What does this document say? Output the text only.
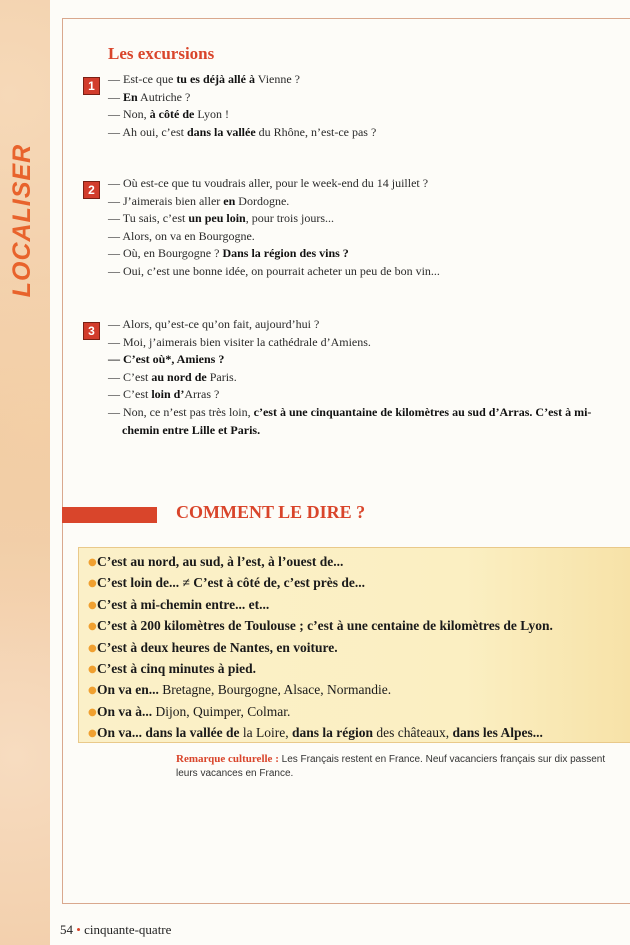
LOCALISER
Les excursions
1	— Est-ce que tu es déjà allé à Vienne ?
— En Autriche ?
— Non, à côté de Lyon !
— Ah oui, c’est dans la vallée du Rhône, n’est-ce pas ?
2	— Où est-ce que tu voudrais aller, pour le week-end du 14 juillet ?
— J’aimerais bien aller en Dordogne.
— Tu sais, c’est un peu loin, pour trois jours...
— Alors, on va en Bourgogne.
— Où, en Bourgogne ? Dans la région des vins ?
— Oui, c’est une bonne idée, on pourrait acheter un peu de bon vin...
3	— Alors, qu’est-ce qu’on fait, aujourd’hui ?
— Moi, j’aimerais bien visiter la cathédrale d’Amiens.
— C’est où*, Amiens ?
— C’est au nord de Paris.
— C’est loin d’Arras ?
— Non, ce n’est pas très loin, c’est à une cinquantaine de kilomètres au sud d’Arras. C’est à mi-chemin entre Lille et Paris.
COMMENT LE DIRE ?
●C’est au nord, au sud, à l’est, à l’ouest de...
●C’est loin de... ≠ C’est à côté de, c’est près de...
●C’est à mi-chemin entre... et...
●C’est à 200 kilomètres de Toulouse ; c’est à une centaine de kilomètres de Lyon.
●C’est à deux heures de Nantes, en voiture.
●C’est à cinq minutes à pied.
●On va en... Bretagne, Bourgogne, Alsace, Normandie.
●On va à... Dijon, Quimper, Colmar.
●On va... dans la vallée de la Loire, dans la région des châteaux, dans les Alpes...

Remarque culturelle : Les Français restent en France. Neuf vacanciers français sur dix passent leurs vacances en France.

54 • cinquante-quatre
